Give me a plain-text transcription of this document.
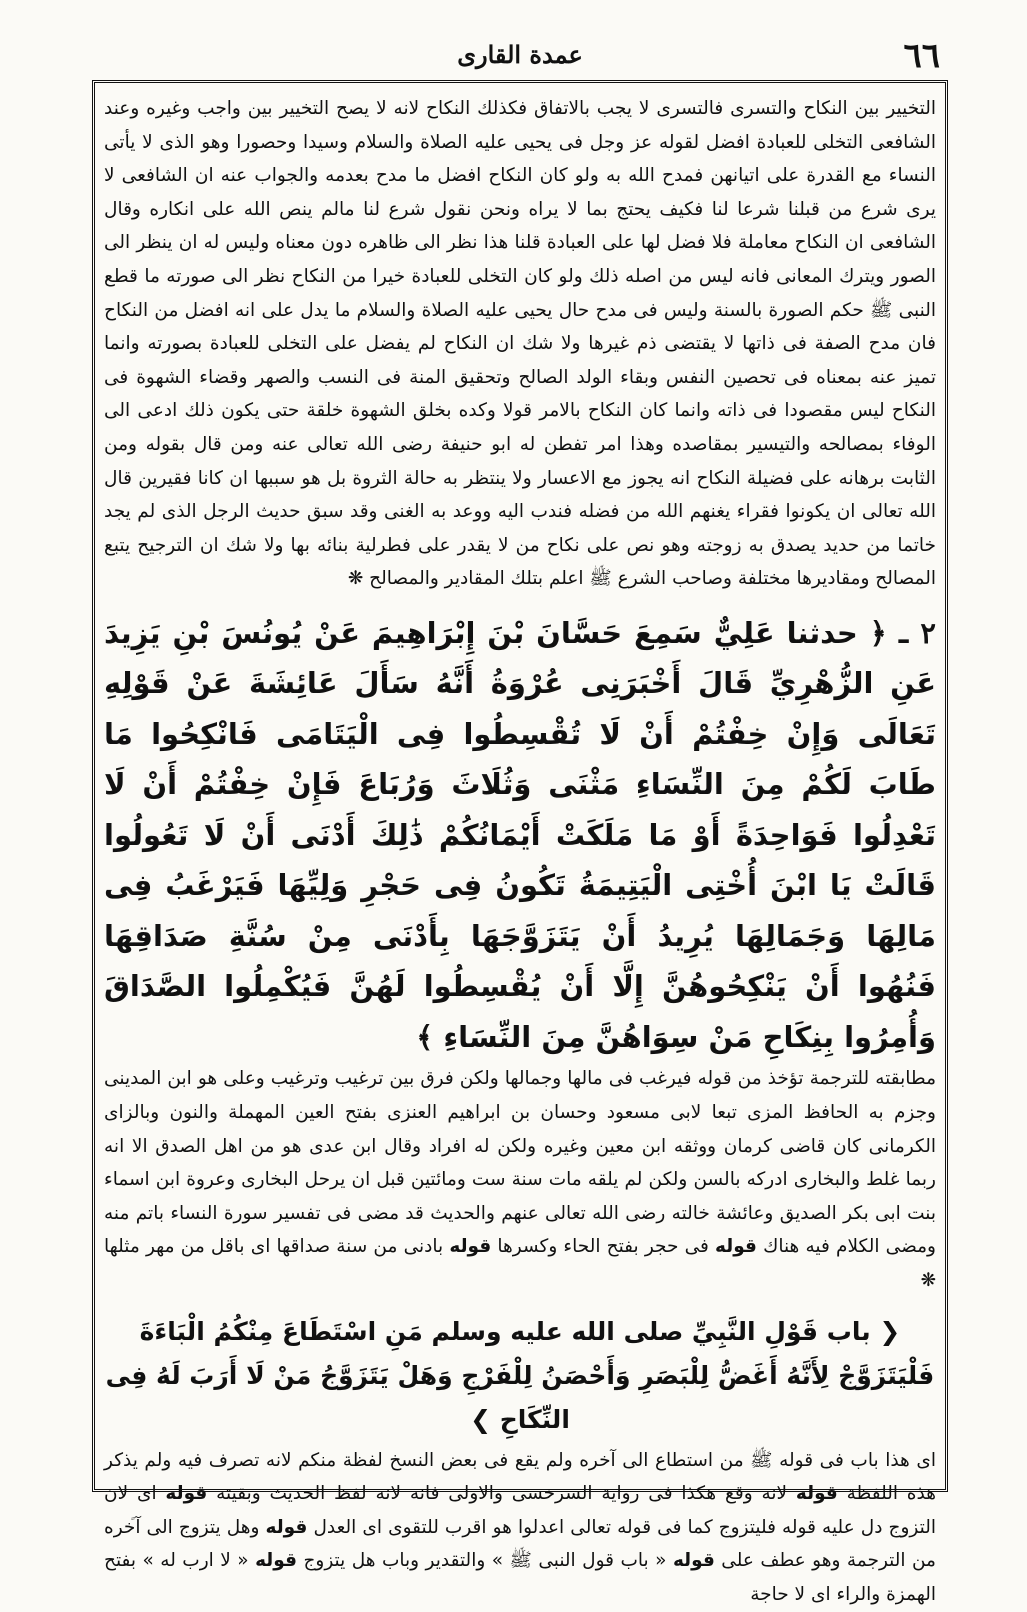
٦٦
عمدة القارى

التخيير بين النكاح والتسرى فالتسرى لا يجب بالاتفاق فكذلك النكاح لانه لا يصح التخيير بين واجب وغيره وعند الشافعى التخلى للعبادة افضل لقوله عز وجل فى يحيى عليه الصلاة والسلام وسيدا وحصورا وهو الذى لا يأتى النساء مع القدرة على اتيانهن فمدح الله به ولو كان النكاح افضل ما مدح بعدمه والجواب عنه ان الشافعى لا يرى شرع من قبلنا شرعا لنا فكيف يحتج بما لا يراه ونحن نقول شرع لنا مالم ينص الله على انكاره وقال الشافعى ان النكاح معاملة فلا فضل لها على العبادة قلنا هذا نظر الى ظاهره دون معناه وليس له ان ينظر الى الصور ويترك المعانى فانه ليس من اصله ذلك ولو كان التخلى للعبادة خيرا من النكاح نظر الى صورته ما قطع النبى ﷺ حكم الصورة بالسنة وليس فى مدح حال يحيى عليه الصلاة والسلام ما يدل على انه افضل من النكاح فان مدح الصفة فى ذاتها لا يقتضى ذم غيرها ولا شك ان النكاح لم يفضل على التخلى للعبادة بصورته وانما تميز عنه بمعناه فى تحصين النفس وبقاء الولد الصالح وتحقيق المنة فى النسب والصهر وقضاء الشهوة فى النكاح ليس مقصودا فى ذاته وانما كان النكاح بالامر قولا وكده بخلق الشهوة خلقة حتى يكون ذلك ادعى الى الوفاء بمصالحه والتيسير بمقاصده وهذا امر تفطن له ابو حنيفة رضى الله تعالى عنه ومن قال بقوله ومن الثابت برهانه على فضيلة النكاح انه يجوز مع الاعسار ولا ينتظر به حالة الثروة بل هو سببها ان كانا فقيرين قال الله تعالى ان يكونوا فقراء يغنهم الله من فضله فندب اليه ووعد به الغنى وقد سبق حديث الرجل الذى لم يجد خاتما من حديد يصدق به زوجته وهو نص على نكاح من لا يقدر على فطرلية بنائه بها ولا شك ان الترجيح يتبع المصالح ومقاديرها مختلفة وصاحب الشرع ﷺ اعلم بتلك المقادير والمصالح ❋

٢ ـ ﴿ حدثنا عَلِيٌّ سَمِعَ حَسَّانَ بْنَ إِبْرَاهِيمَ عَنْ يُونُسَ بْنِ يَزِيدَ عَنِ الزُّهْرِيِّ قَالَ أَخْبَرَنِى عُرْوَةُ أَنَّهُ سَأَلَ عَائِشَةَ عَنْ قَوْلِهِ تَعَالَى وَإِنْ خِفْتُمْ أَنْ لَا تُقْسِطُوا فِى الْيَتَامَى فَانْكِحُوا مَا طَابَ لَكُمْ مِنَ النِّسَاءِ مَثْنَى وَثُلَاثَ وَرُبَاعَ فَإِنْ خِفْتُمْ أَنْ لَا تَعْدِلُوا فَوَاحِدَةً أَوْ مَا مَلَكَتْ أَيْمَانُكُمْ ذَٰلِكَ أَدْنَى أَنْ لَا تَعُولُوا قَالَتْ يَا ابْنَ أُخْتِى الْيَتِيمَةُ تَكُونُ فِى حَجْرِ وَلِيِّهَا فَيَرْغَبُ فِى مَالِهَا وَجَمَالِهَا يُرِيدُ أَنْ يَتَزَوَّجَهَا بِأَدْنَى مِنْ سُنَّةِ صَدَاقِهَا فَنُهُوا أَنْ يَنْكِحُوهُنَّ إِلَّا أَنْ يُقْسِطُوا لَهُنَّ فَيُكْمِلُوا الصَّدَاقَ وَأُمِرُوا بِنِكَاحِ مَنْ سِوَاهُنَّ مِنَ النِّسَاءِ ﴾

مطابقته للترجمة تؤخذ من قوله فيرغب فى مالها وجمالها ولكن فرق بين ترغيب وترغيب وعلى هو ابن المدينى وجزم به الحافظ المزى تبعا لابى مسعود وحسان بن ابراهيم العنزى بفتح العين المهملة والنون وبالزاى الكرمانى كان قاضى كرمان ووثقه ابن معين وغيره ولكن له افراد وقال ابن عدى هو من اهل الصدق الا انه ربما غلط والبخارى ادركه بالسن ولكن لم يلقه مات سنة ست ومائتين قبل ان يرحل البخارى وعروة ابن اسماء بنت ابى بكر الصديق وعائشة خالته رضى الله تعالى عنهم والحديث قد مضى فى تفسير سورة النساء باتم منه ومضى الكلام فيه هناك قوله فى حجر بفتح الحاء وكسرها قوله بادنى من سنة صداقها اى باقل من مهر مثلها ❋

❮ باب قَوْلِ النَّبِيِّ صلى الله عليه وسلم مَنِ اسْتَطَاعَ مِنْكُمُ الْبَاءَةَ فَلْيَتَزَوَّجْ لِأَنَّهُ أَغَضُّ لِلْبَصَرِ وَأَحْصَنُ لِلْفَرْجِ وَهَلْ يَتَزَوَّجُ مَنْ لَا أَرَبَ لَهُ فِى النِّكَاحِ ❯

اى هذا باب فى قوله ﷺ من استطاع الى آخره ولم يقع فى بعض النسخ لفظة منكم لانه تصرف فيه ولم يذكر هذه اللفظة قوله لانه وقع هكذا فى رواية السرخسى والاولى فانه لانه لفظ الحديث وبقيته قوله اى لان التزوج دل عليه قوله فليتزوج كما فى قوله تعالى اعدلوا هو اقرب للتقوى اى العدل قوله وهل يتزوج الى آخره من الترجمة وهو عطف على قوله « باب قول النبى ﷺ » والتقدير وباب هل يتزوج قوله « لا ارب له » بفتح الهمزة والراء اى لا حاجة
